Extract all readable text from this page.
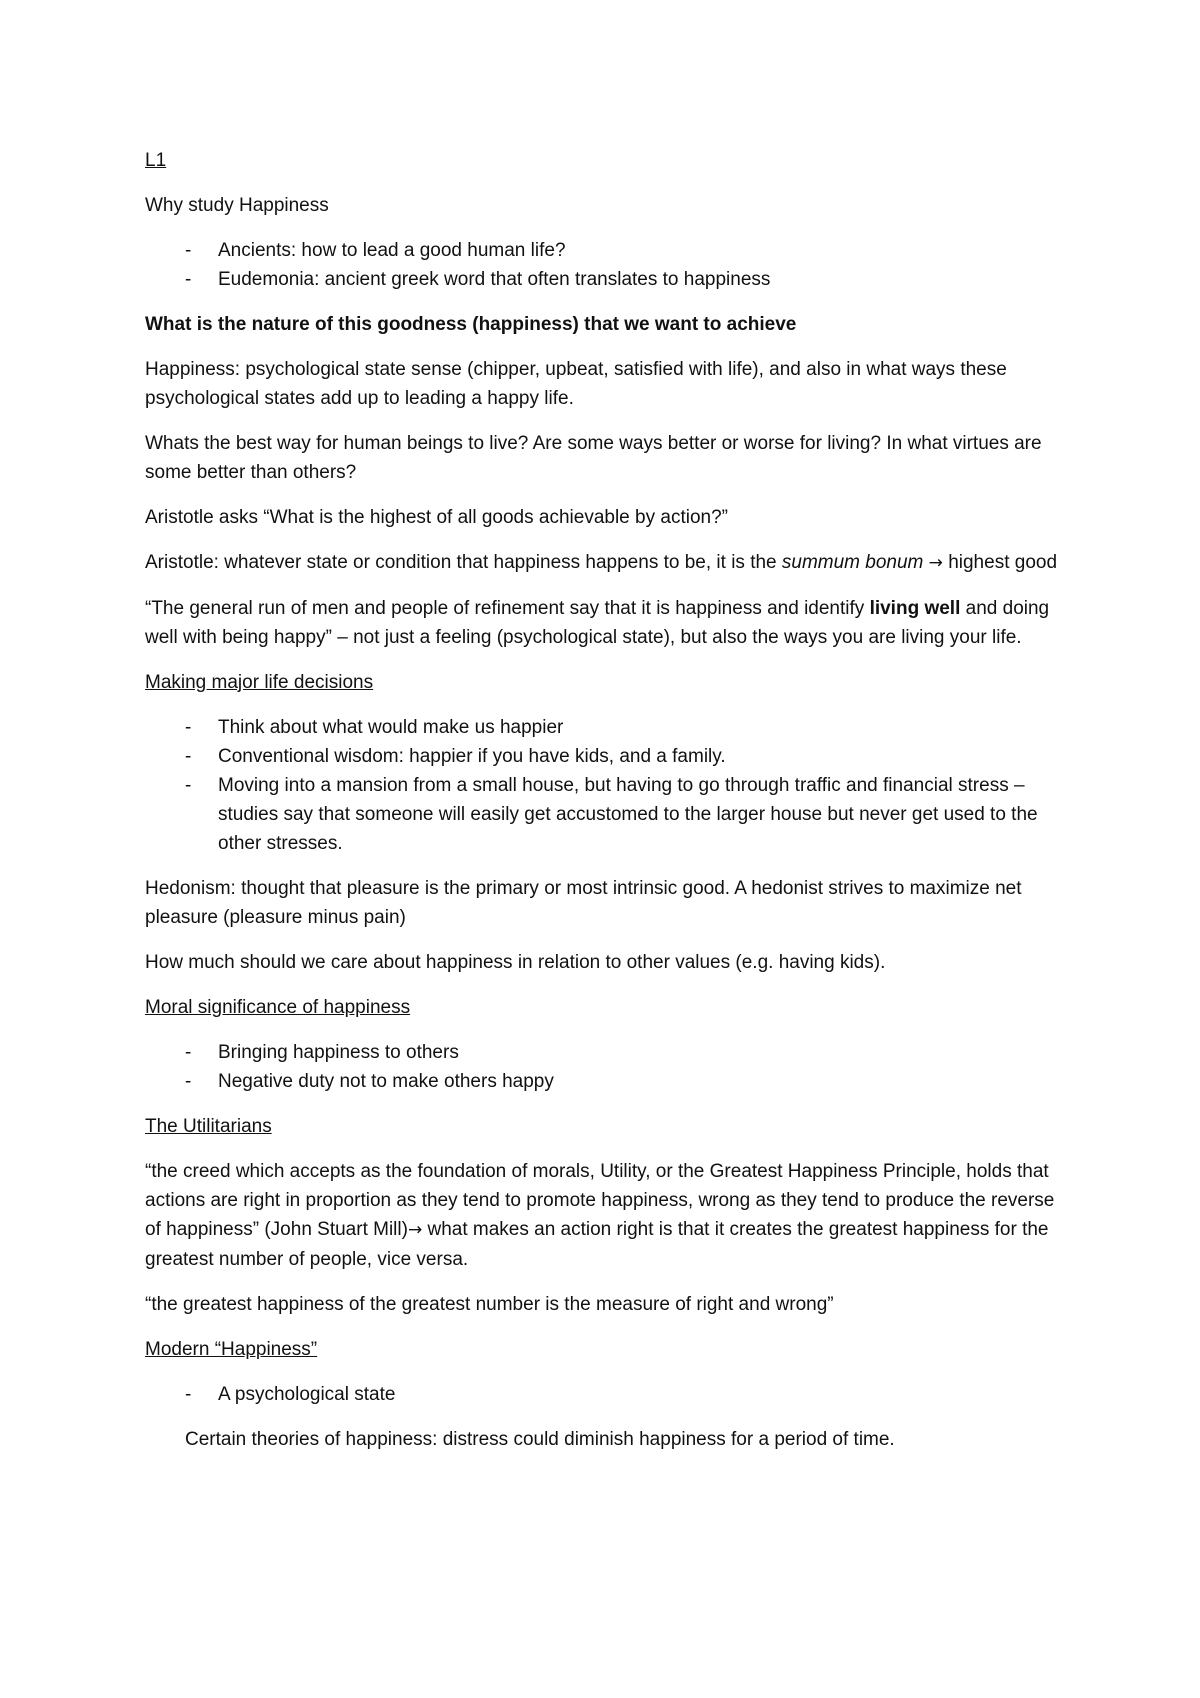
L1

Why study Happiness

- Ancients: how to lead a good human life?
- Eudemonia: ancient greek word that often translates to happiness

What is the nature of this goodness (happiness) that we want to achieve

Happiness: psychological state sense (chipper, upbeat, satisfied with life), and also in what ways these psychological states add up to leading a happy life.

Whats the best way for human beings to live? Are some ways better or worse for living? In what virtues are some better than others?

Aristotle asks “What is the highest of all goods achievable by action?”

Aristotle: whatever state or condition that happiness happens to be, it is the summum bonum → highest good

“The general run of men and people of refinement say that it is happiness and identify living well and doing well with being happy” – not just a feeling (psychological state), but also the ways you are living your life.

Making major life decisions

- Think about what would make us happier
- Conventional wisdom: happier if you have kids, and a family.
- Moving into a mansion from a small house, but having to go through traffic and financial stress – studies say that someone will easily get accustomed to the larger house but never get used to the other stresses.

Hedonism: thought that pleasure is the primary or most intrinsic good. A hedonist strives to maximize net pleasure (pleasure minus pain)

How much should we care about happiness in relation to other values (e.g. having kids).

Moral significance of happiness

- Bringing happiness to others
- Negative duty not to make others happy

The Utilitarians

“the creed which accepts as the foundation of morals, Utility, or the Greatest Happiness Principle, holds that actions are right in proportion as they tend to promote happiness, wrong as they tend to produce the reverse of happiness” (John Stuart Mill)→ what makes an action right is that it creates the greatest happiness for the greatest number of people, vice versa.

“the greatest happiness of the greatest number is the measure of right and wrong”

Modern “Happiness”

- A psychological state

Certain theories of happiness: distress could diminish happiness for a period of time.
